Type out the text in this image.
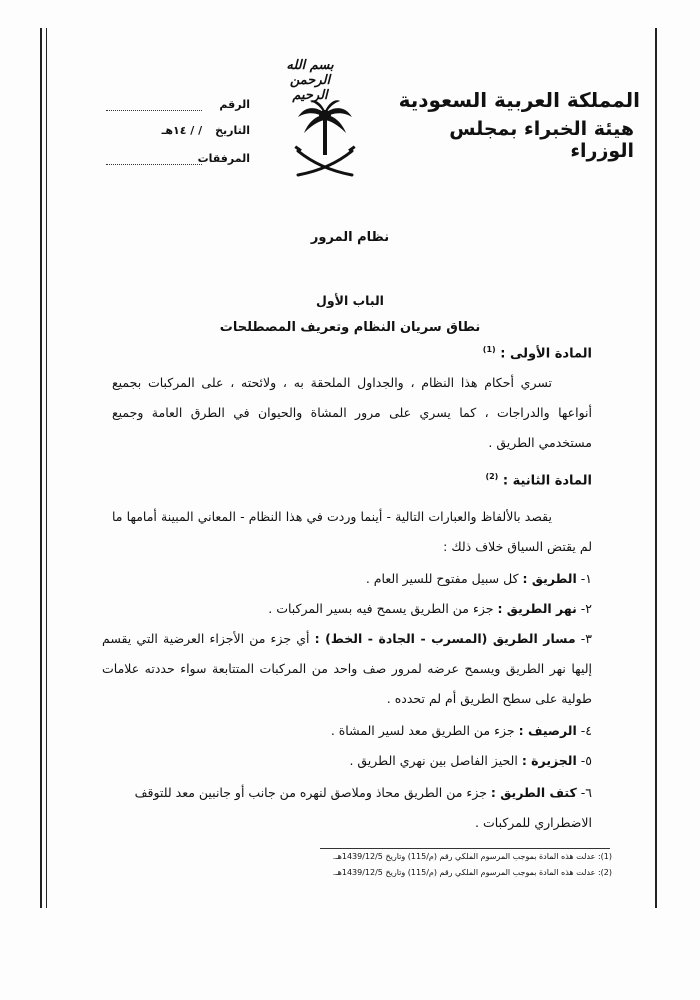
بسم الله الرحمن الرحيم	المملكة العربية السعودية
هيئة الخبراء بمجلس الوزراء
الرقم
التاريخ / / ١٤هـ
المرفقات
نظام المرور
الباب الأول
نطاق سريان النظام وتعريف المصطلحات
المادة الأولى : $^{(1)}$
تسري أحكام هذا النظام ، والجداول الملحقة به ، ولائحته ، على المركبات بجميع أنواعها والدراجات ، كما يسري على مرور المشاة والحيوان في الطرق العامة وجميع مستخدمي الطريق .
المادة الثانية : $^{(2)}$
يقصد بالألفاظ والعبارات التالية - أينما وردت في هذا النظام - المعاني المبينة أمامها ما لم يقتض السياق خلاف ذلك :
١- الطريق : كل سبيل مفتوح للسير العام .
٢- نهر الطريق : جزء من الطريق يسمح فيه بسير المركبات .
٣- مسار الطريق (المسرب - الجادة - الخط) : أي جزء من الأجزاء العرضية التي يقسم إليها نهر الطريق ويسمح عرضه لمرور صف واحد من المركبات المتتابعة سواء حددته علامات طولية على سطح الطريق أم لم تحدده .
٤- الرصيف : جزء من الطريق معد لسير المشاة .
٥- الجزيرة : الحيز الفاصل بين نهري الطريق .
٦- كتف الطريق : جزء من الطريق محاذ وملاصق لنهره من جانب أو جانبين معد للتوقف الاضطراري للمركبات .
(1): عدلت هذه المادة بموجب المرسوم الملكي رقم (م/115) وتاريخ 1439/12/5هـ.
(2): عدلت هذه المادة بموجب المرسوم الملكي رقم (م/115) وتاريخ 1439/12/5هـ.
